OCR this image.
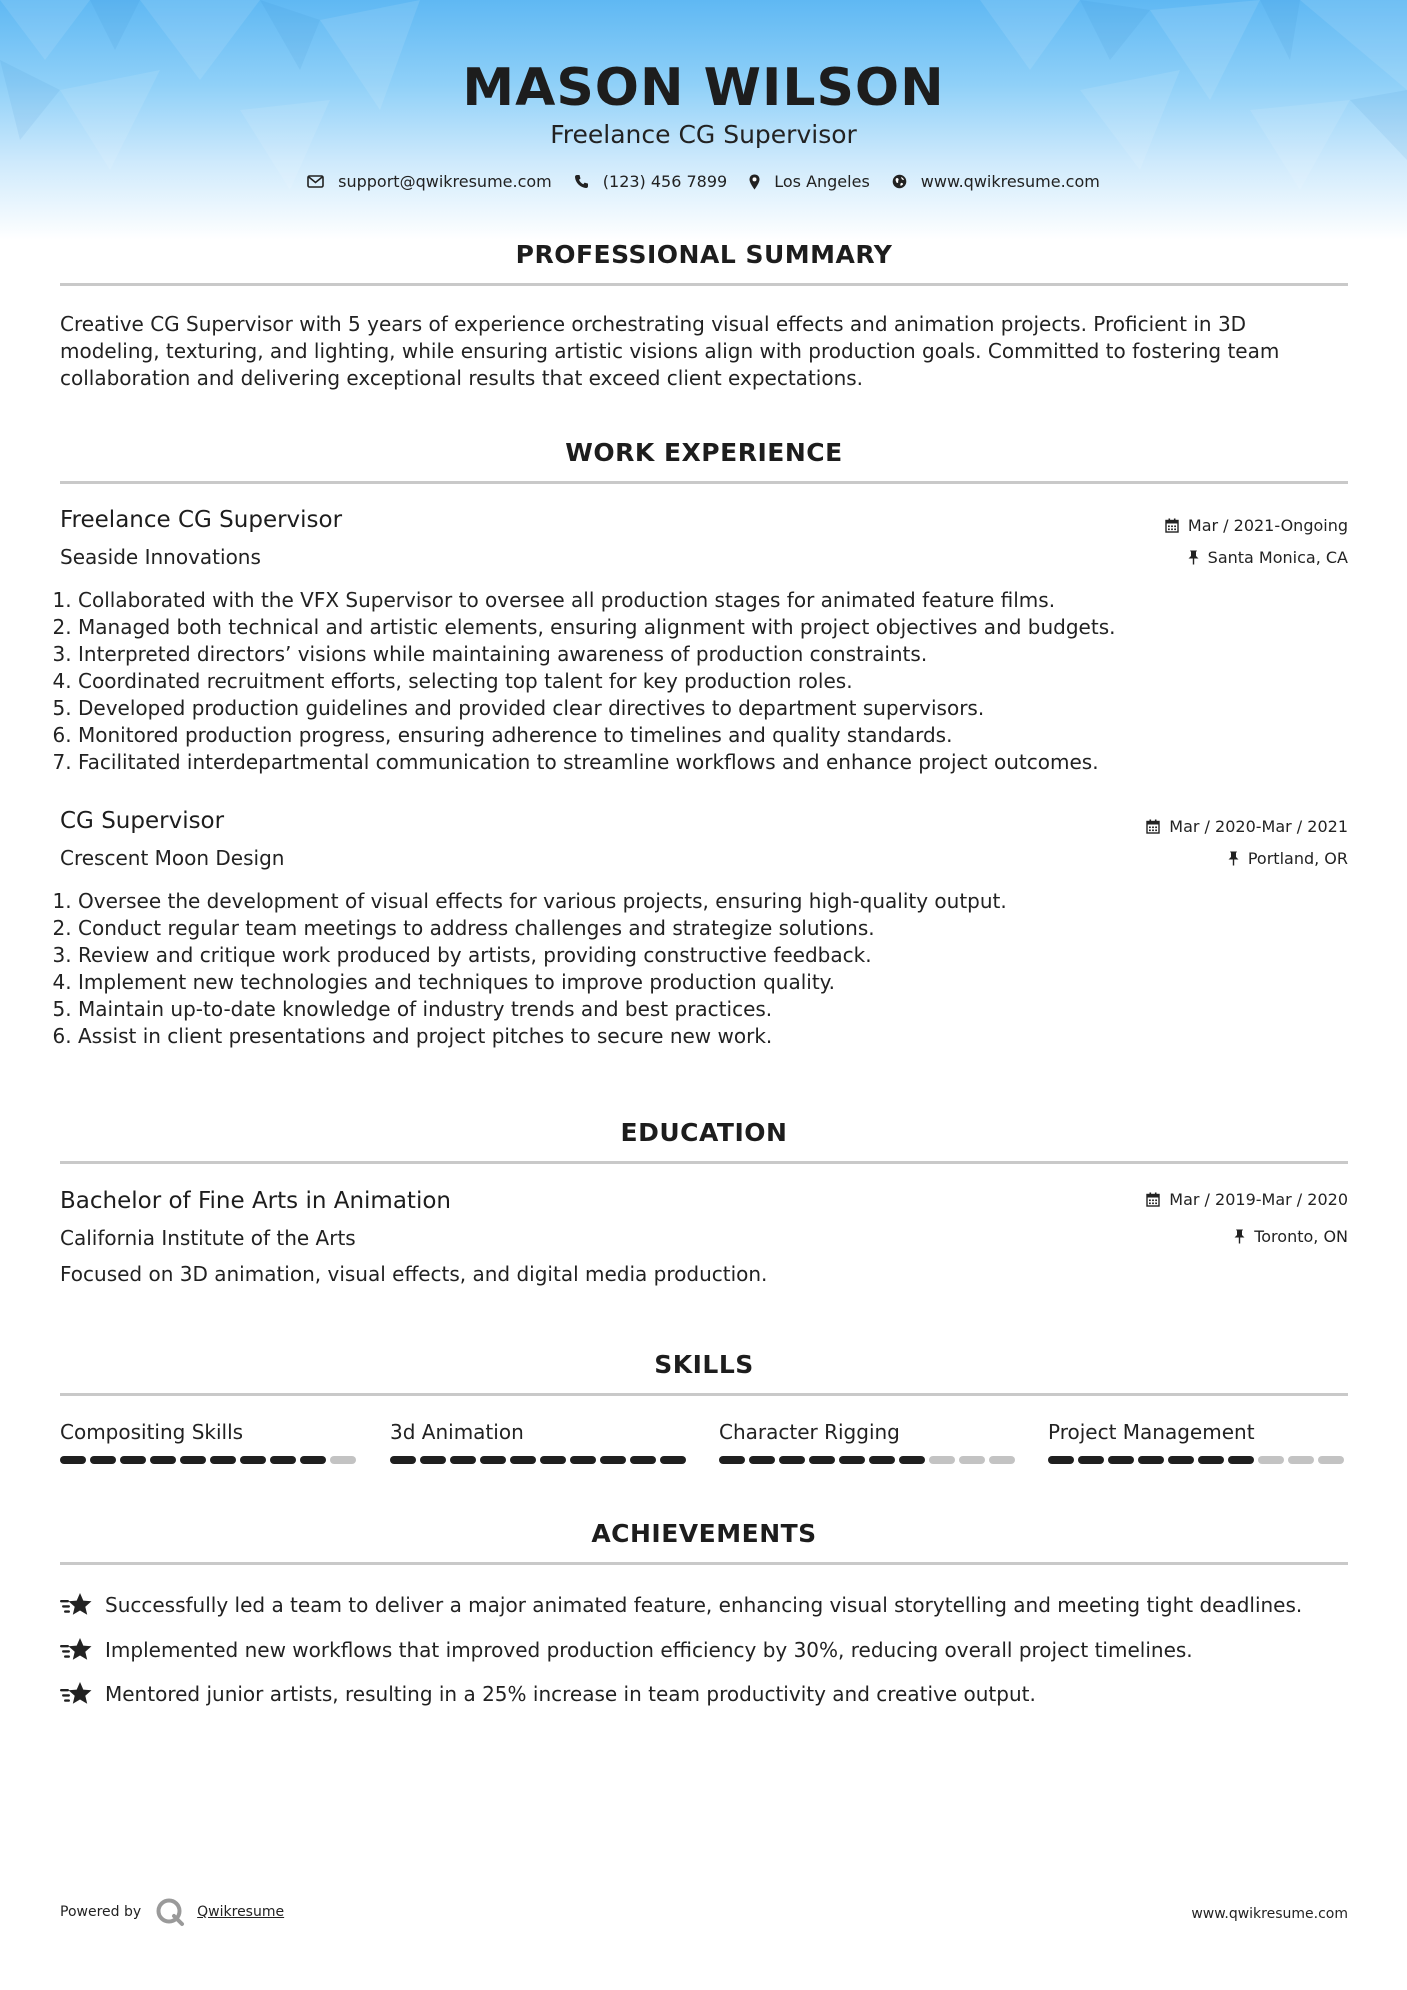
MASON WILSON
Freelance CG Supervisor
support@qwikresume.com	(123) 456 7899	Los Angeles	www.qwikresume.com
PROFESSIONAL SUMMARY
Creative CG Supervisor with 5 years of experience orchestrating visual effects and animation projects. Proficient in 3D modeling, texturing, and lighting, while ensuring artistic visions align with production goals. Committed to fostering team collaboration and delivering exceptional results that exceed client expectations.
WORK EXPERIENCE
Freelance CG Supervisor	Mar / 2021-Ongoing
Seaside Innovations	Santa Monica, CA
1. Collaborated with the VFX Supervisor to oversee all production stages for animated feature films.
2. Managed both technical and artistic elements, ensuring alignment with project objectives and budgets.
3. Interpreted directors’ visions while maintaining awareness of production constraints.
4. Coordinated recruitment efforts, selecting top talent for key production roles.
5. Developed production guidelines and provided clear directives to department supervisors.
6. Monitored production progress, ensuring adherence to timelines and quality standards.
7. Facilitated interdepartmental communication to streamline workflows and enhance project outcomes.
CG Supervisor	Mar / 2020-Mar / 2021
Crescent Moon Design	Portland, OR
1. Oversee the development of visual effects for various projects, ensuring high-quality output.
2. Conduct regular team meetings to address challenges and strategize solutions.
3. Review and critique work produced by artists, providing constructive feedback.
4. Implement new technologies and techniques to improve production quality.
5. Maintain up-to-date knowledge of industry trends and best practices.
6. Assist in client presentations and project pitches to secure new work.
EDUCATION
Bachelor of Fine Arts in Animation	Mar / 2019-Mar / 2020
California Institute of the Arts	Toronto, ON
Focused on 3D animation, visual effects, and digital media production.
SKILLS
Compositing Skills	3d Animation	Character Rigging	Project Management
ACHIEVEMENTS
Successfully led a team to deliver a major animated feature, enhancing visual storytelling and meeting tight deadlines.
Implemented new workflows that improved production efficiency by 30%, reducing overall project timelines.
Mentored junior artists, resulting in a 25% increase in team productivity and creative output.
Powered by	Qwikresume	www.qwikresume.com
